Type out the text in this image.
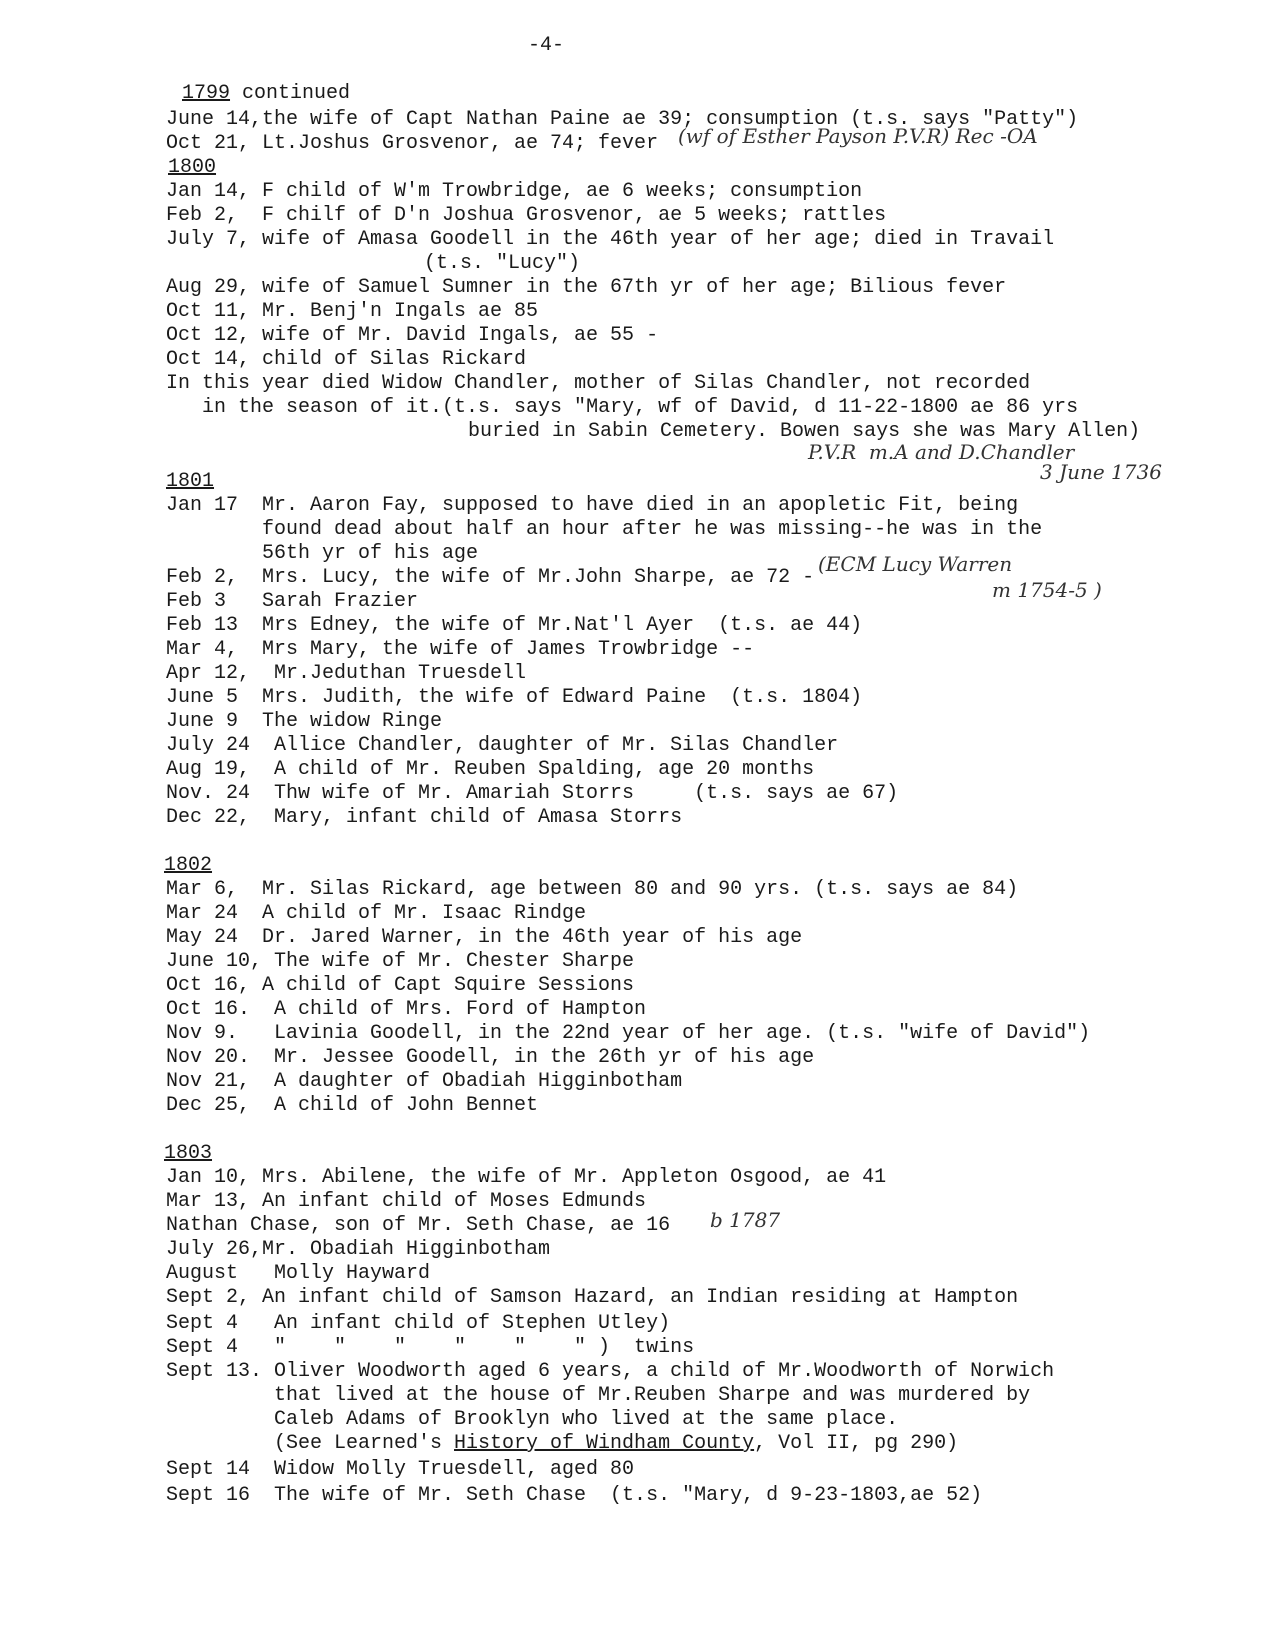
-4-
1799 continued
June 14,the wife of Capt Nathan Paine ae 39; consumption (t.s. says "Patty")
Oct 21, Lt.Joshus Grosvenor, ae 74; fever
1800
Jan 14, F child of W'm Trowbridge, ae 6 weeks; consumption
Feb 2, F chilf of D'n Joshua Grosvenor, ae 5 weeks; rattles
July 7, wife of Amasa Goodell in the 46th year of her age; died in Travail
(t.s. "Lucy")
Aug 29, wife of Samuel Sumner in the 67th yr of her age; Bilious fever
Oct 11, Mr. Benj'n Ingals ae 85
Oct 12, wife of Mr. David Ingals, ae 55 -
Oct 14, child of Silas Rickard
In this year died Widow Chandler, mother of Silas Chandler, not recorded
in the season of it.(t.s. says "Mary, wf of David, d 11-22-1800 ae 86 yrs
buried in Sabin Cemetery. Bowen says she was Mary Allen)
1801
Jan 17 Mr. Aaron Fay, supposed to have died in an apopletic Fit, being
found dead about half an hour after he was missing--he was in the
56th yr of his age
Feb 2, Mrs. Lucy, the wife of Mr.John Sharpe, ae 72 -
Feb 3 Sarah Frazier
Feb 13 Mrs Edney, the wife of Mr.Nat'l Ayer  (t.s. ae 44)
Mar 4, Mrs Mary, the wife of James Trowbridge --
Apr 12, Mr.Jeduthan Truesdell
June 5 Mrs. Judith, the wife of Edward Paine  (t.s. 1804)
June 9 The widow Ringe
July 24 Allice Chandler, daughter of Mr. Silas Chandler
Aug 19, A child of Mr. Reuben Spalding, age 20 months
Nov. 24 Thw wife of Mr. Amariah Storrs     (t.s. says ae 67)
Dec 22, Mary, infant child of Amasa Storrs
1802
Mar 6, Mr. Silas Rickard, age between 80 and 90 yrs. (t.s. says ae 84)
Mar 24 A child of Mr. Isaac Rindge
May 24 Dr. Jared Warner, in the 46th year of his age
June 10, The wife of Mr. Chester Sharpe
Oct 16, A child of Capt Squire Sessions
Oct 16. A child of Mrs. Ford of Hampton
Nov 9. Lavinia Goodell, in the 22nd year of her age. (t.s. "wife of David")
Nov 20. Mr. Jessee Goodell, in the 26th yr of his age
Nov 21, A daughter of Obadiah Higginbotham
Dec 25, A child of John Bennet
1803
Jan 10, Mrs. Abilene, the wife of Mr. Appleton Osgood, ae 41
Mar 13, An infant child of Moses Edmunds
Nathan Chase, son of Mr. Seth Chase, ae 16
July 26,Mr. Obadiah Higginbotham
August Molly Hayward
Sept 2, An infant child of Samson Hazard, an Indian residing at Hampton
Sept 4 An infant child of Stephen Utley)
Sept 4 "    "    "    "    "    " )  twins
Sept 13. Oliver Woodworth aged 6 years, a child of Mr.Woodworth of Norwich
that lived at the house of Mr.Reuben Sharpe and was murdered by
Caleb Adams of Brooklyn who lived at the same place.
(See Learned's History of Windham County, Vol II, pg 290)
Sept 14 Widow Molly Truesdell, aged 80
Sept 16 The wife of Mr. Seth Chase  (t.s. "Mary, d 9-23-1803,ae 52)
(wf of Esther Payson P.V.R) Rec -OA
P.V.R  m.A and D.Chandler
3 June 1736
(ECM Lucy Warren
m 1754-5 )
b 1787
